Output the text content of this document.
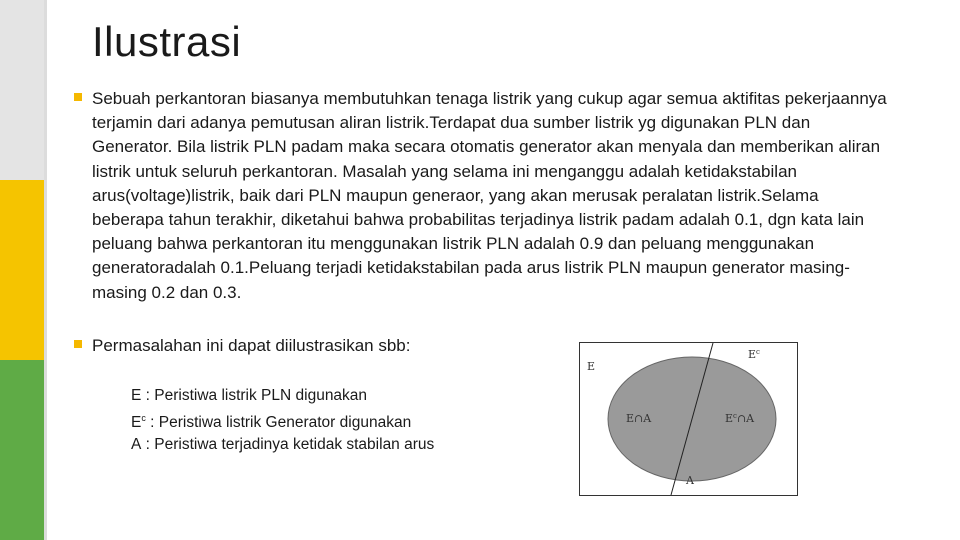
Ilustrasi
Sebuah perkantoran biasanya membutuhkan tenaga listrik yang cukup agar semua aktifitas pekerjaannya terjamin dari adanya pemutusan aliran listrik.Terdapat dua sumber listrik yg digunakan PLN dan Generator. Bila listrik PLN padam maka secara otomatis generator akan menyala dan memberikan aliran listrik untuk seluruh perkantoran. Masalah yang selama ini menganggu adalah ketidakstabilan arus(voltage)listrik, baik dari PLN maupun generaor, yang akan merusak peralatan listrik.Selama beberapa tahun terakhir, diketahui bahwa probabilitas terjadinya listrik padam adalah 0.1, dgn kata lain peluang bahwa perkantoran itu menggunakan listrik PLN adalah 0.9 dan peluang menggunakan generatoradalah 0.1.Peluang terjadi ketidakstabilan pada arus listrik PLN maupun generator masing-masing 0.2 dan 0.3.
Permasalahan ini dapat diilustrasikan sbb:
E : Peristiwa listrik PLN digunakan
$E^c$ : Peristiwa listrik Generator digunakan
A : Peristiwa terjadinya ketidak stabilan arus
E
$E^c$
E∩A	$E^c\cap A$
A
